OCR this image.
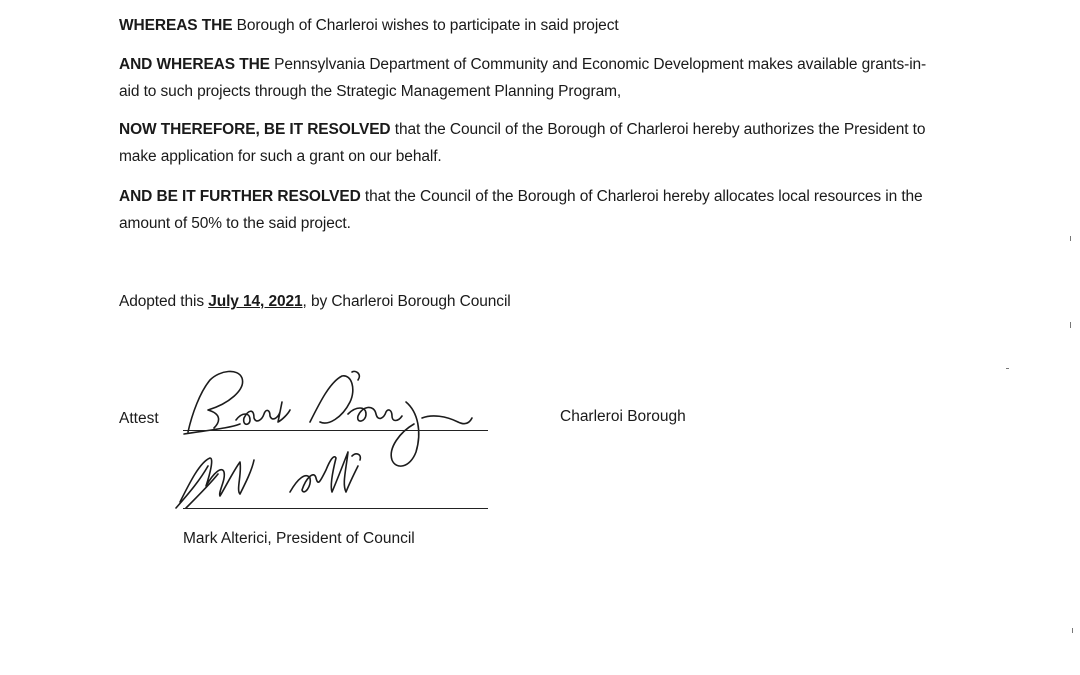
WHEREAS THE Borough of Charleroi wishes to participate in said project

AND WHEREAS THE Pennsylvania Department of Community and Economic Development makes available grants-in-aid to such projects through the Strategic Management Planning Program,

NOW THEREFORE, BE IT RESOLVED that the Council of the Borough of Charleroi hereby authorizes the President to make application for such a grant on our behalf.

AND BE IT FURTHER RESOLVED that the Council of the Borough of Charleroi hereby allocates local resources in the amount of 50% to the said project.

Adopted this July 14, 2021, by Charleroi Borough Council

Attest	Charleroi Borough
Mark Alterici, President of Council
